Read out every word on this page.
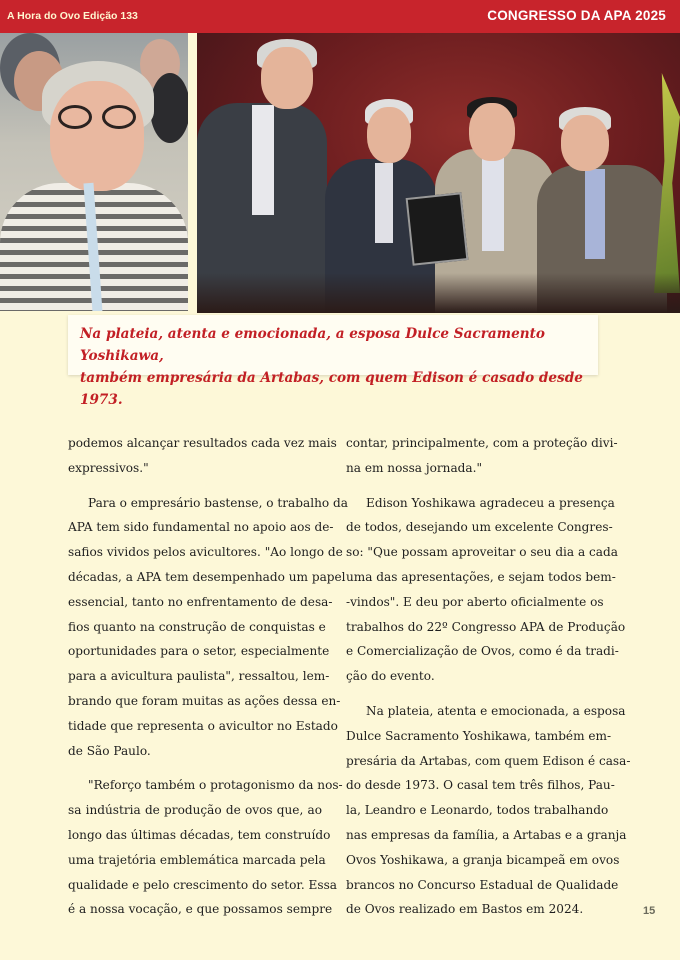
A Hora do Ovo Edição 133	CONGRESSO DA APA 2025

Na plateia, atenta e emocionada, a esposa Dulce Sacramento Yoshikawa,

também empresária da Artabas, com quem Edison é casado desde 1973.

podemos alcançar resultados cada vez mais
expressivos."

Para o empresário bastense, o trabalho da
APA tem sido fundamental no apoio aos de-
safios vividos pelos avicultores. "Ao longo de
décadas, a APA tem desempenhado um papel
essencial, tanto no enfrentamento de desa-
fios quanto na construção de conquistas e
oportunidades para o setor, especialmente
para a avicultura paulista", ressaltou, lem-
brando que foram muitas as ações dessa en-
tidade que representa o avicultor no Estado
de São Paulo.

"Reforço também o protagonismo da nos-
sa indústria de produção de ovos que, ao
longo das últimas décadas, tem construído
uma trajetória emblemática marcada pela
qualidade e pelo crescimento do setor. Essa
é a nossa vocação, e que possamos sempre

contar, principalmente, com a proteção divi-
na em nossa jornada."

Edison Yoshikawa agradeceu a presença
de todos, desejando um excelente Congres-
so: "Que possam aproveitar o seu dia a cada
uma das apresentações, e sejam todos bem-
-vindos". E deu por aberto oficialmente os
trabalhos do 22º Congresso APA de Produção
e Comercialização de Ovos, como é da tradi-
ção do evento.

Na plateia, atenta e emocionada, a esposa
Dulce Sacramento Yoshikawa, também em-
presária da Artabas, com quem Edison é casa-
do desde 1973. O casal tem três filhos, Pau-
la, Leandro e Leonardo, todos trabalhando
nas empresas da família, a Artabas e a granja
Ovos Yoshikawa, a granja bicampeã em ovos
brancos no Concurso Estadual de Qualidade
de Ovos realizado em Bastos em 2024.	15
